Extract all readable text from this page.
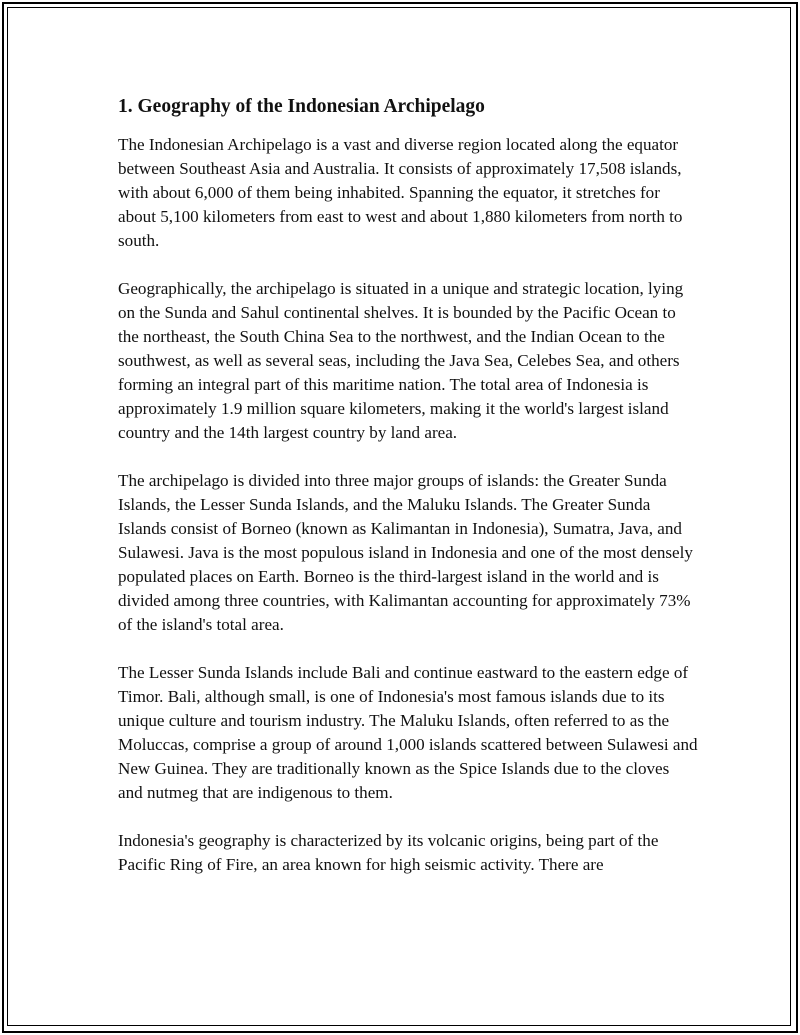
1. Geography of the Indonesian Archipelago

The Indonesian Archipelago is a vast and diverse region located along the equator between Southeast Asia and Australia. It consists of approximately 17,508 islands, with about 6,000 of them being inhabited. Spanning the equator, it stretches for about 5,100 kilometers from east to west and about 1,880 kilometers from north to south.

Geographically, the archipelago is situated in a unique and strategic location, lying on the Sunda and Sahul continental shelves. It is bounded by the Pacific Ocean to the northeast, the South China Sea to the northwest, and the Indian Ocean to the southwest, as well as several seas, including the Java Sea, Celebes Sea, and others forming an integral part of this maritime nation. The total area of Indonesia is approximately 1.9 million square kilometers, making it the world's largest island country and the 14th largest country by land area.

The archipelago is divided into three major groups of islands: the Greater Sunda Islands, the Lesser Sunda Islands, and the Maluku Islands. The Greater Sunda Islands consist of Borneo (known as Kalimantan in Indonesia), Sumatra, Java, and Sulawesi. Java is the most populous island in Indonesia and one of the most densely populated places on Earth. Borneo is the third-largest island in the world and is divided among three countries, with Kalimantan accounting for approximately 73% of the island's total area.

The Lesser Sunda Islands include Bali and continue eastward to the eastern edge of Timor. Bali, although small, is one of Indonesia's most famous islands due to its unique culture and tourism industry. The Maluku Islands, often referred to as the Moluccas, comprise a group of around 1,000 islands scattered between Sulawesi and New Guinea. They are traditionally known as the Spice Islands due to the cloves and nutmeg that are indigenous to them.

Indonesia's geography is characterized by its volcanic origins, being part of the Pacific Ring of Fire, an area known for high seismic activity. There are
